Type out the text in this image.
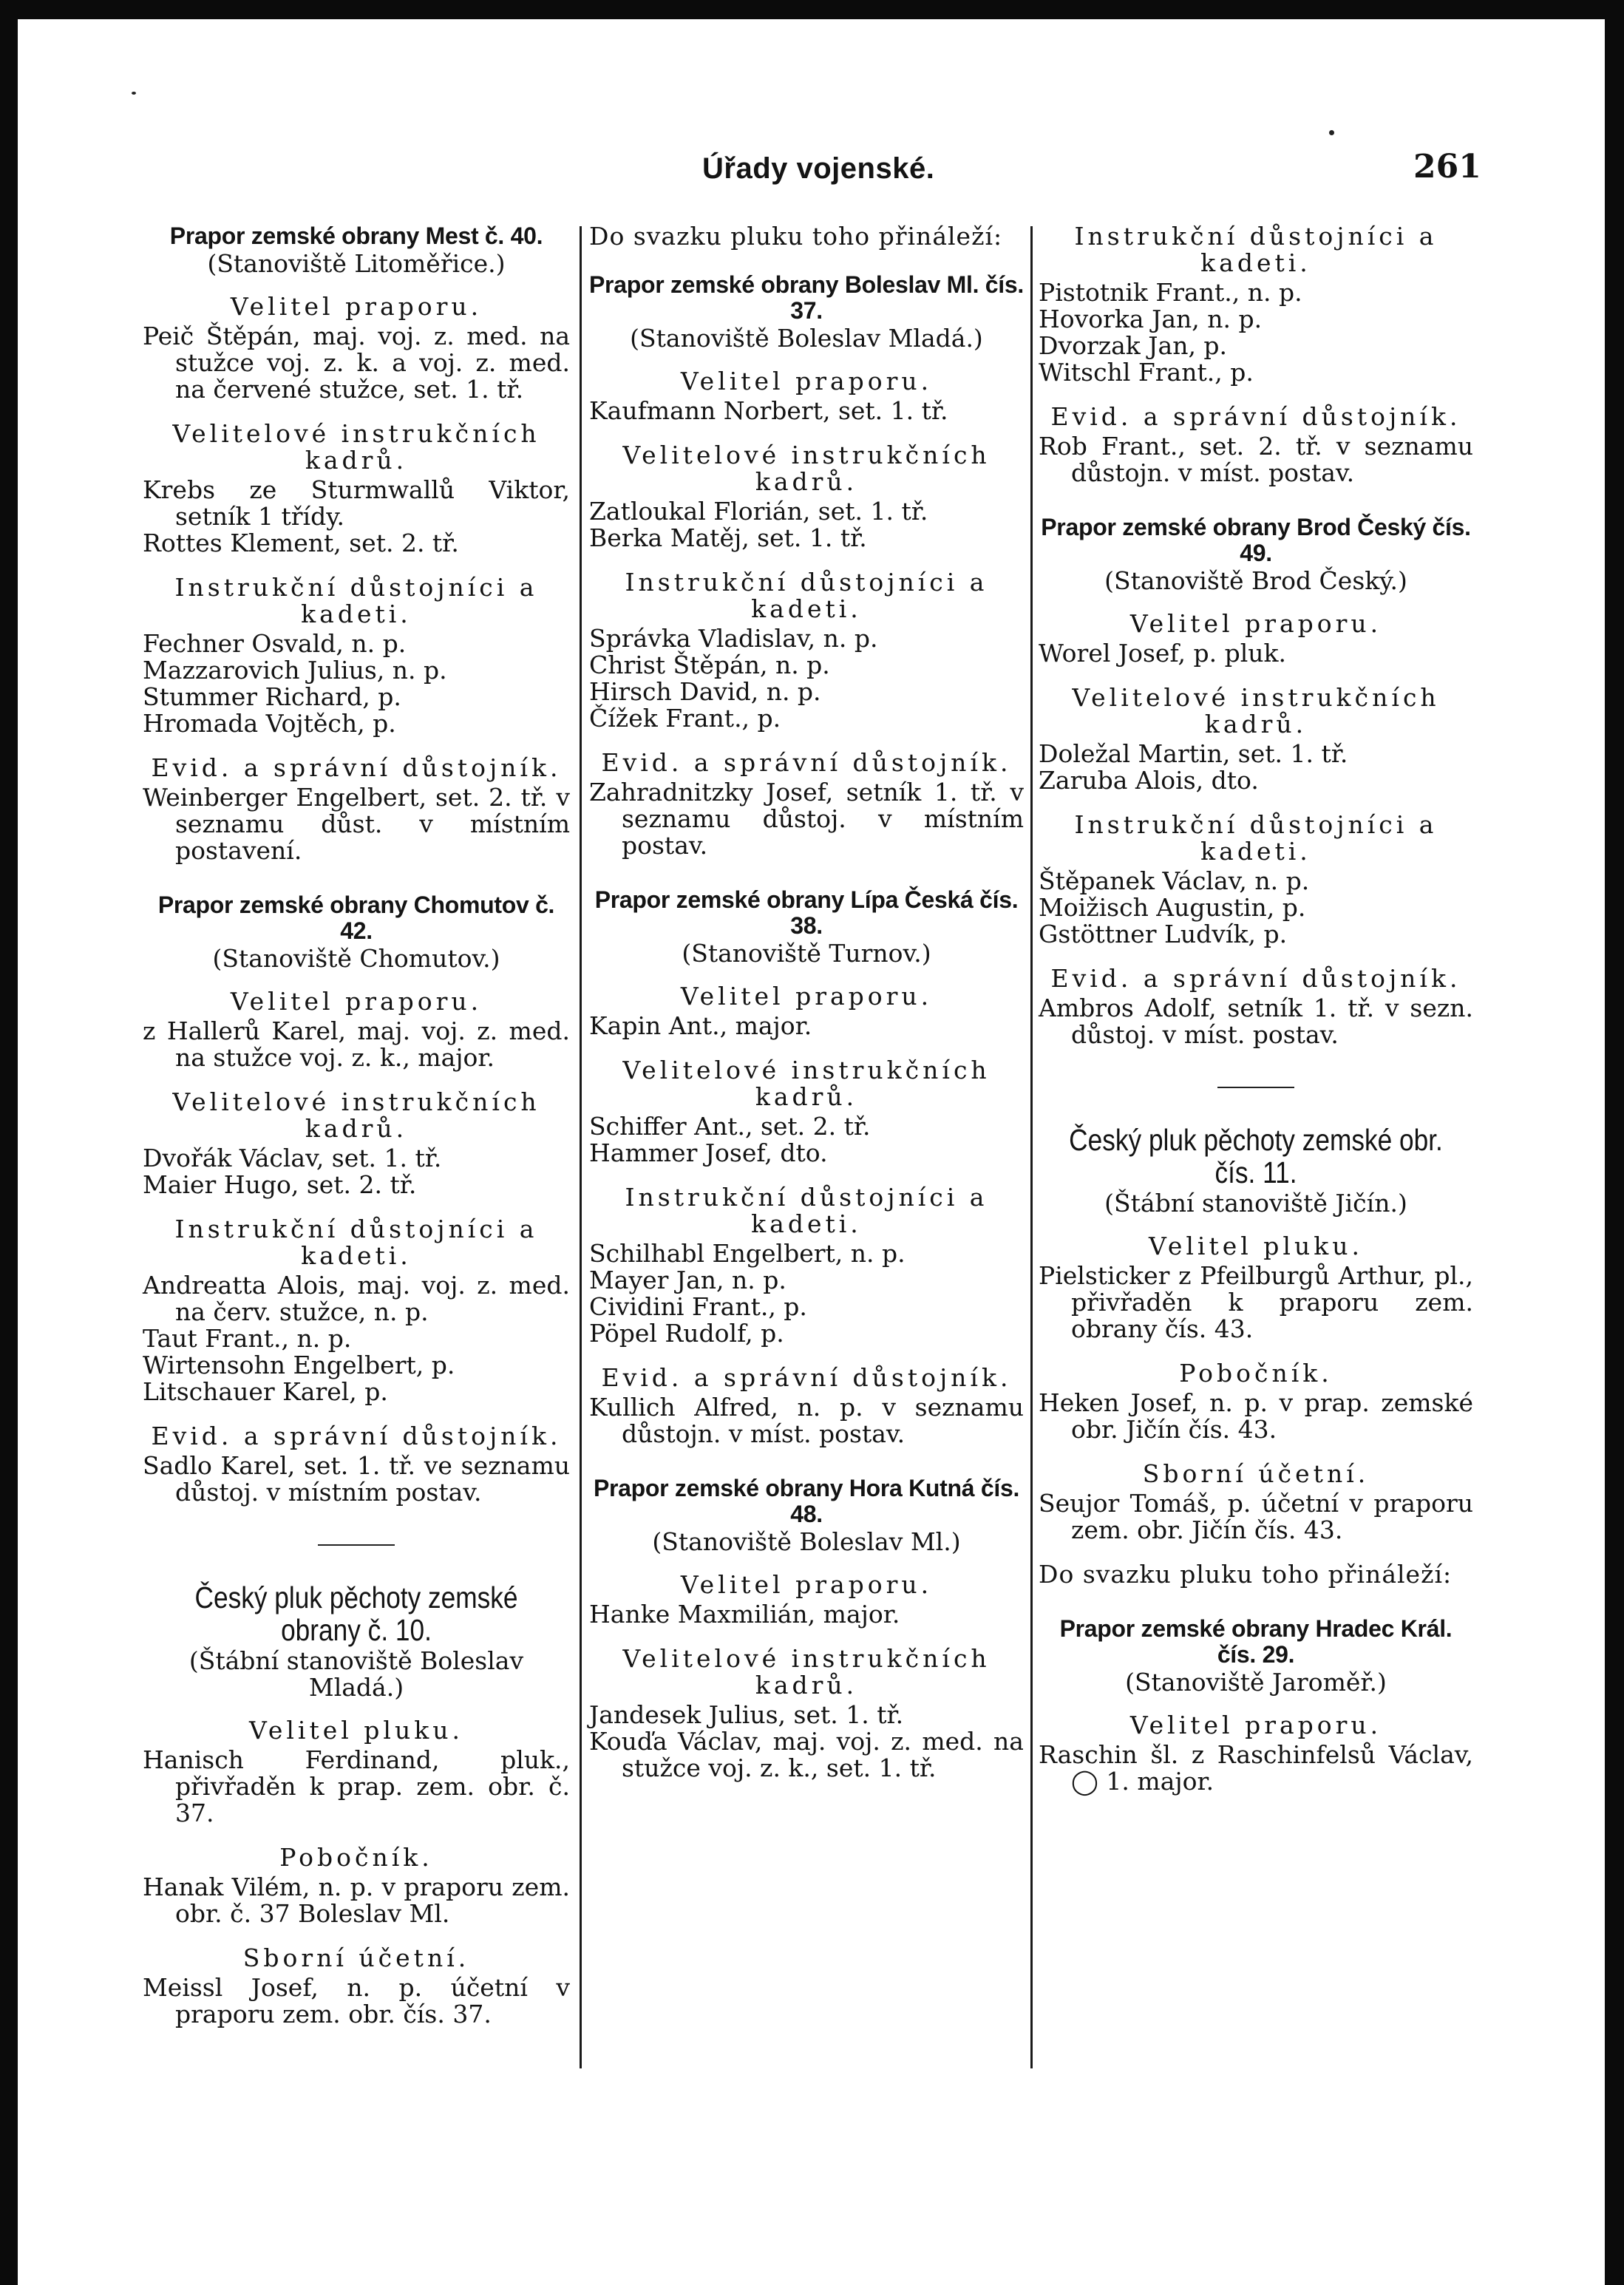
Úřady vojenské.	261
Prapor zemské obrany Mest č. 40.
(Stanoviště Litoměřice.)
Velitel praporu.
Peič Štěpán, maj. voj. z. med. na stužce voj. z. k. a voj. z. med. na červené stužce, set. 1. tř.
Velitelové instrukčních kadrů.
Krebs ze Sturmwallů Viktor, setník 1 třídy.
Rottes Klement, set. 2. tř.
Instrukční důstojníci a kadeti.
Fechner Osvald, n. p.
Mazzarovich Julius, n. p.
Stummer Richard, p.
Hromada Vojtěch, p.
Evid. a správní důstojník.
Weinberger Engelbert, set. 2. tř. v seznamu důst. v místním postavení.
Prapor zemské obrany Chomutov č. 42.
(Stanoviště Chomutov.)
Velitel praporu.
z Hallerů Karel, maj. voj. z. med. na stužce voj. z. k., major.
Velitelové instrukčních kadrů.
Dvořák Václav, set. 1. tř.
Maier Hugo, set. 2. tř.
Instrukční důstojníci a kadeti.
Andreatta Alois, maj. voj. z. med. na červ. stužce, n. p.
Taut Frant., n. p.
Wirtensohn Engelbert, p.
Litschauer Karel, p.
Evid. a správní důstojník.
Sadlo Karel, set. 1. tř. ve seznamu důstoj. v místním postav.
Český pluk pěchoty zemské obrany č. 10.
(Štábní stanoviště Boleslav Mladá.)
Velitel pluku.
Hanisch Ferdinand, pluk., přivřaděn k prap. zem. obr. č. 37.
Pobočník.
Hanak Vilém, n. p. v praporu zem. obr. č. 37 Boleslav Ml.
Sborní účetní.
Meissl Josef, n. p. účetní v praporu zem. obr. čís. 37.
Do svazku pluku toho přináleží:
Prapor zemské obrany Boleslav Ml. čís. 37.
(Stanoviště Boleslav Mladá.)
Velitel praporu.
Kaufmann Norbert, set. 1. tř.
Velitelové instrukčních kadrů.
Zatloukal Florián, set. 1. tř.
Berka Matěj, set. 1. tř.
Instrukční důstojníci a kadeti.
Správka Vladislav, n. p.
Christ Štěpán, n. p.
Hirsch David, n. p.
Čížek Frant., p.
Evid. a správní důstojník.
Zahradnitzky Josef, setník 1. tř. v seznamu důstoj. v místním postav.
Prapor zemské obrany Lípa Česká čís. 38.
(Stanoviště Turnov.)
Velitel praporu.
Kapin Ant., major.
Velitelové instrukčních kadrů.
Schiffer Ant., set. 2. tř.
Hammer Josef, dto.
Instrukční důstojníci a kadeti.
Schilhabl Engelbert, n. p.
Mayer Jan, n. p.
Cividini Frant., p.
Pöpel Rudolf, p.
Evid. a správní důstojník.
Kullich Alfred, n. p. v seznamu důstojn. v míst. postav.
Prapor zemské obrany Hora Kutná čís. 48.
(Stanoviště Boleslav Ml.)
Velitel praporu.
Hanke Maxmilián, major.
Velitelové instrukčních kadrů.
Jandesek Julius, set. 1. tř.
Kouďa Václav, maj. voj. z. med. na stužce voj. z. k., set. 1. tř.
Instrukční důstojníci a kadeti.
Pistotnik Frant., n. p.
Hovorka Jan, n. p.
Dvorzak Jan, p.
Witschl Frant., p.
Evid. a správní důstojník.
Rob Frant., set. 2. tř. v seznamu důstojn. v míst. postav.
Prapor zemské obrany Brod Český čís. 49.
(Stanoviště Brod Český.)
Velitel praporu.
Worel Josef, p. pluk.
Velitelové instrukčních kadrů.
Doležal Martin, set. 1. tř.
Zaruba Alois, dto.
Instrukční důstojníci a kadeti.
Štěpanek Václav, n. p.
Moižisch Augustin, p.
Gstöttner Ludvík, p.
Evid. a správní důstojník.
Ambros Adolf, setník 1. tř. v sezn. důstoj. v míst. postav.
Český pluk pěchoty zemské obr. čís. 11.
(Štábní stanoviště Jičín.)
Velitel pluku.
Pielsticker z Pfeilburgů Arthur, pl., přivřaděn k praporu zem. obrany čís. 43.
Pobočník.
Heken Josef, n. p. v prap. zemské obr. Jičín čís. 43.
Sborní účetní.
Seujor Tomáš, p. účetní v praporu zem. obr. Jičín čís. 43.
Do svazku pluku toho přináleží:
Prapor zemské obrany Hradec Král. čís. 29.
(Stanoviště Jaroměř.)
Velitel praporu.
Raschin šl. z Raschinfelsů Václav, ◯ 1. major.
